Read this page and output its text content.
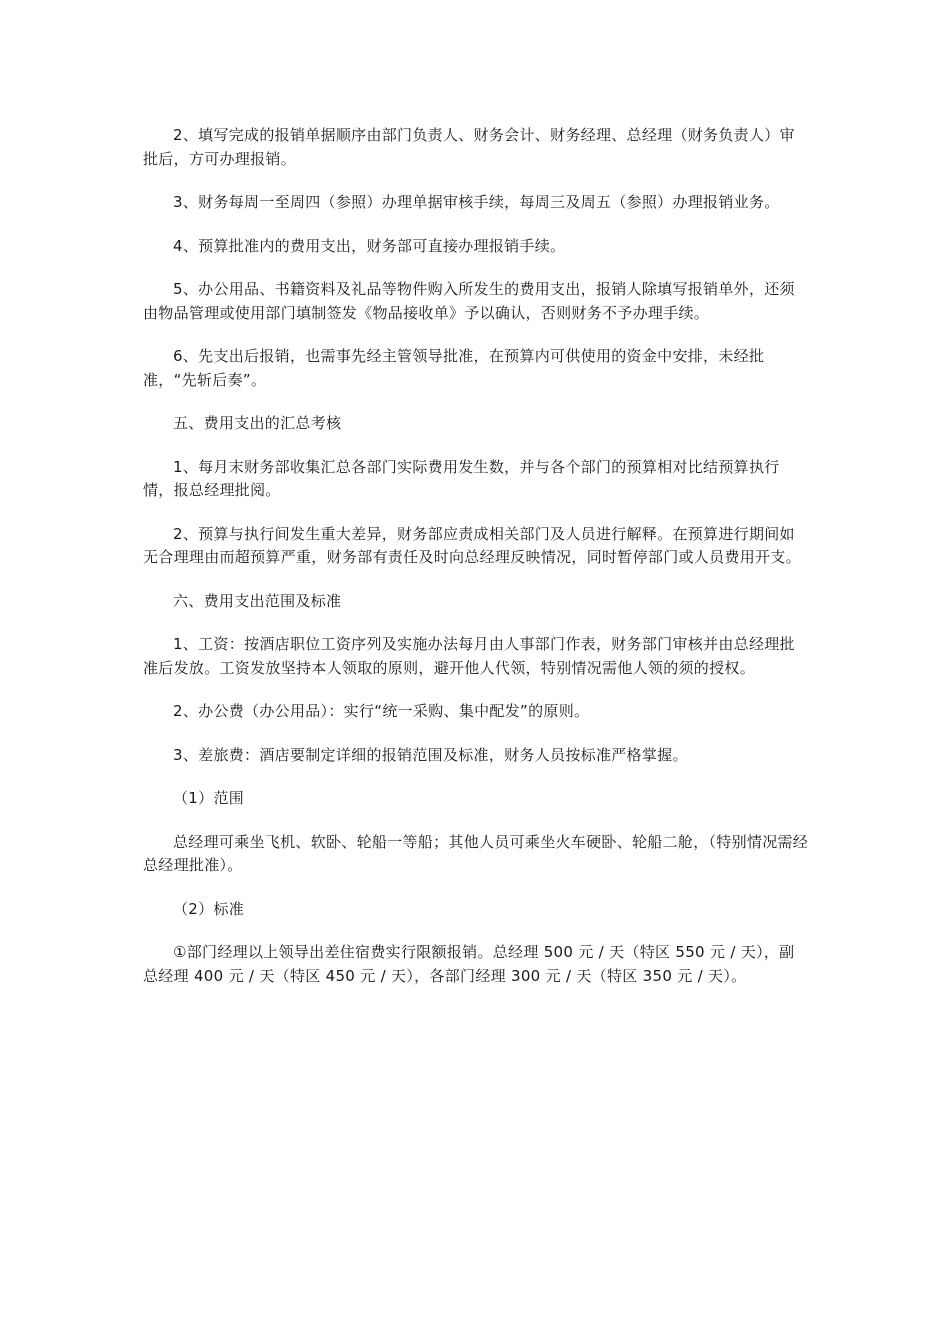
2、填写完成的报销单据顺序由部门负责人、财务会计、财务经理、总经理（财务负责人）审批后，方可办理报销。

3、财务每周一至周四（参照）办理单据审核手续，每周三及周五（参照）办理报销业务。

4、预算批准内的费用支出，财务部可直接办理报销手续。

5、办公用品、书籍资料及礼品等物件购入所发生的费用支出，报销人除填写报销单外，还须由物品管理或使用部门填制签发《物品接收单》予以确认，否则财务不予办理手续。

6、先支出后报销，也需事先经主管领导批准，在预算内可供使用的资金中安排，未经批准，“先斩后奏”。

五、费用支出的汇总考核

1、每月末财务部收集汇总各部门实际费用发生数，并与各个部门的预算相对比结预算执行情，报总经理批阅。

2、预算与执行间发生重大差异，财务部应责成相关部门及人员进行解释。在预算进行期间如无合理理由而超预算严重，财务部有责任及时向总经理反映情况，同时暂停部门或人员费用开支。

六、费用支出范围及标准

1、工资：按酒店职位工资序列及实施办法每月由人事部门作表，财务部门审核并由总经理批准后发放。工资发放坚持本人领取的原则，避开他人代领，特别情况需他人领的须的授权。

2、办公费（办公用品）：实行“统一采购、集中配发”的原则。

3、差旅费：酒店要制定详细的报销范围及标准，财务人员按标准严格掌握。

（1）范围

总经理可乘坐飞机、软卧、轮船一等船；其他人员可乘坐火车硬卧、轮船二舱，（特别情况需经总经理批准）。

（2）标准

①部门经理以上领导出差住宿费实行限额报销。总经理 500 元 / 天（特区 550 元 / 天），副总经理 400 元 / 天（特区 450 元 / 天），各部门经理 300 元 / 天（特区 350 元 / 天）。
